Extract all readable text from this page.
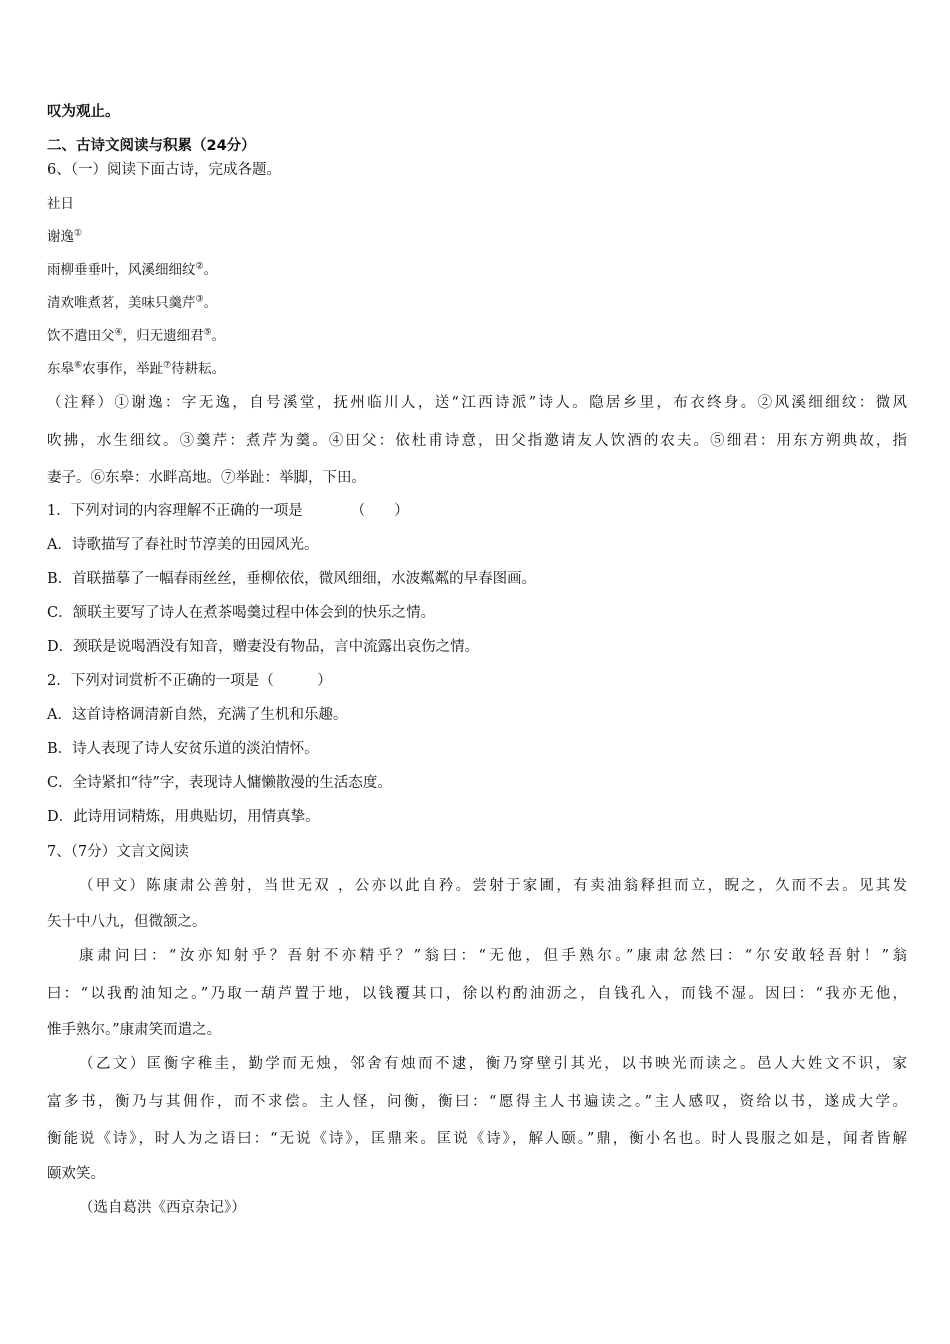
叹为观止。
二、古诗文阅读与积累（24分）
6、（一）阅读下面古诗，完成各题。
社日
谢逸①
雨柳垂垂叶，风溪细细纹②。
清欢唯煮茗，美味只羹芹③。
饮不遣田父④，归无遗细君⑤。
东皋⑥农事作，举趾⑦待耕耘。
（注释）①谢逸：字无逸，自号溪堂，抚州临川人，送“江西诗派”诗人。隐居乡里，布衣终身。②风溪细细纹：微风
吹拂，水生细纹。③羹芹：煮芹为羹。④田父：依杜甫诗意，田父指邀请友人饮酒的农夫。⑤细君：用东方朔典故，指
妻子。⑥东皋：水畔高地。⑦举趾：举脚，下田。
1．下列对词的内容理解不正确的一项是	（　　）
A．诗歌描写了春社时节淳美的田园风光。
B．首联描摹了一幅春雨丝丝，垂柳依依，微风细细，水波粼粼的早春图画。
C．颔联主要写了诗人在煮茶喝羹过程中体会到的快乐之情。
D．颈联是说喝酒没有知音，赠妻没有物品，言中流露出哀伤之情。
2．下列对词赏析不正确的一项是（　　　）
A．这首诗格调清新自然，充满了生机和乐趣。
B．诗人表现了诗人安贫乐道的淡泊情怀。
C．全诗紧扣“待”字，表现诗人慵懒散漫的生活态度。
D．此诗用词精炼，用典贴切，用情真挚。
7、（7分）文言文阅读
（甲文）陈康肃公善射，当世无双 ，公亦以此自矜。尝射于家圃，有卖油翁释担而立，睨之，久而不去。见其发
矢十中八九，但微颔之。
康肃问曰：“汝亦知射乎？吾射不亦精乎？”翁曰：“无他，但手熟尔。”康肃忿然曰：“尔安敢轻吾射！”翁
曰：“以我酌油知之。”乃取一葫芦置于地，以钱覆其口，徐以杓酌油沥之，自钱孔入，而钱不湿。因曰：“我亦无他，
惟手熟尔。”康肃笑而遣之。
（乙文）匡衡字稚圭，勤学而无烛，邻舍有烛而不逮，衡乃穿壁引其光，以书映光而读之。邑人大姓文不识，家
富多书，衡乃与其佣作，而不求偿。主人怪，问衡，衡曰：“愿得主人书遍读之。”主人感叹，资给以书，遂成大学。
衡能说《诗》，时人为之语曰：“无说《诗》，匡鼎来。匡说《诗》，解人颐。”鼎，衡小名也。时人畏服之如是，闻者皆解
颐欢笑。
（选自葛洪《西京杂记》）
